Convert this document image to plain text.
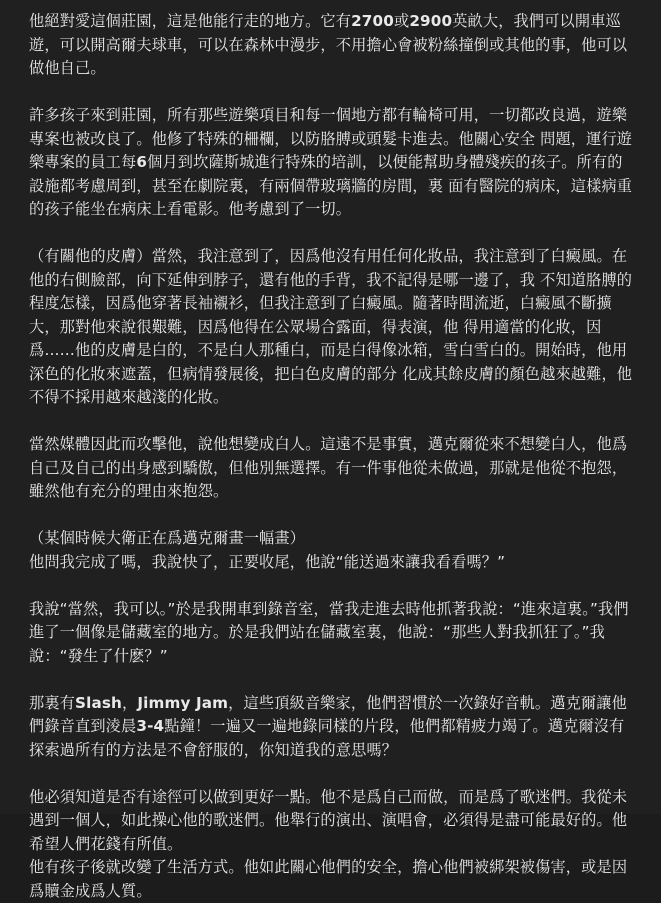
他絕對愛這個莊園，這是他能行走的地方。它有2700或2900英畝大，我們可以開車巡遊，可以開高爾夫球車，可以在森林中漫步，不用擔心會被粉絲撞倒或其他的事，他可以做他自己。

許多孩子來到莊園，所有那些遊樂項目和每一個地方都有輪椅可用，一切都改良過，遊樂專案也被改良了。他修了特殊的柵欄，以防胳膊或頭髮卡進去。他關心安全 問題，運行遊樂專案的員工每6個月到坎薩斯城進行特殊的培訓，以便能幫助身體殘疾的孩子。所有的設施都考慮周到，甚至在劇院裏，有兩個帶玻璃牆的房間，裏 面有醫院的病床，這樣病重的孩子能坐在病床上看電影。他考慮到了一切。

（有關他的皮膚）當然，我注意到了，因爲他沒有用任何化妝品，我注意到了白癜風。在他的右側臉部，向下延伸到脖子，還有他的手背，我不記得是哪一邊了，我 不知道胳膊的程度怎樣，因爲他穿著長袖襯衫，但我注意到了白癜風。隨著時間流逝，白癜風不斷擴大，那對他來說很艱難，因爲他得在公眾場合露面，得表演，他 得用適當的化妝，因爲……他的皮膚是白的，不是白人那種白，而是白得像冰箱，雪白雪白的。開始時，他用深色的化妝來遮蓋，但病情發展後，把白色皮膚的部分 化成其餘皮膚的顏色越來越難，他不得不採用越來越淺的化妝。

當然媒體因此而攻擊他，說他想變成白人。這遠不是事實，邁克爾從來不想變白人，他爲自己及自己的出身感到驕傲，但他別無選擇。有一件事他從未做過，那就是他從不抱怨，雖然他有充分的理由來抱怨。

（某個時候大衛正在爲邁克爾畫一幅畫）
他問我完成了嗎，我說快了，正要收尾，他說“能送過來讓我看看嗎？”

我說“當然，我可以。”於是我開車到錄音室，當我走進去時他抓著我說：“進來這裏。”我們進了一個像是儲藏室的地方。於是我們站在儲藏室裏，他說：“那些人對我抓狂了。”我說：“發生了什麽？”

那裏有Slash，Jimmy Jam，這些頂級音樂家，他們習慣於一次錄好音軌。邁克爾讓他們錄音直到淩晨3-4點鐘！一遍又一遍地錄同樣的片段，他們都精疲力竭了。邁克爾沒有探索過所有的方法是不會舒服的，你知道我的意思嗎？

他必須知道是否有途徑可以做到更好一點。他不是爲自己而做，而是爲了歌迷們。我從未遇到一個人，如此操心他的歌迷們。他舉行的演出、演唱會，必須得是盡可能最好的。他希望人們花錢有所值。
他有孩子後就改變了生活方式。他如此關心他們的安全，擔心他們被綁架被傷害，或是因爲贖金成爲人質。
